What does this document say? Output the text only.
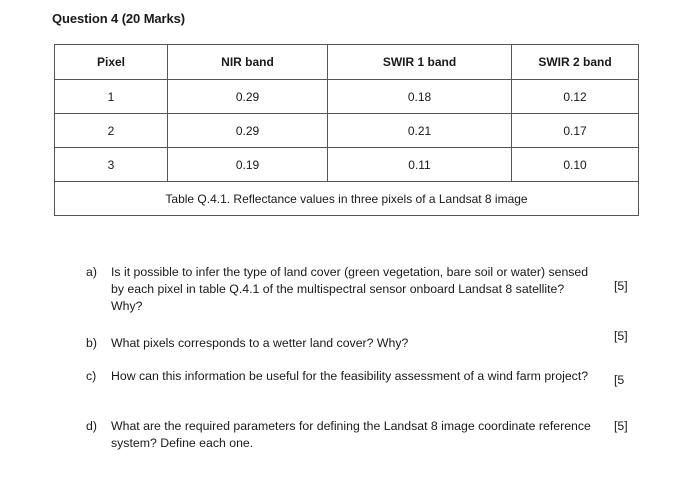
Question 4 (20 Marks)
Pixel	NIR band	SWIR 1 band	SWIR 2 band
1	0.29	0.18	0.12
2	0.29	0.21	0.17
3	0.19	0.11	0.10
Table Q.4.1. Reflectance values in three pixels of a Landsat 8 image			
a) Is it possible to infer the type of land cover (green vegetation, bare soil or water) sensed by each pixel in table Q.4.1 of the multispectral sensor onboard Landsat 8 satellite? Why?
[5]
b) What pixels corresponds to a wetter land cover? Why?	[5]
c) How can this information be useful for the feasibility assessment of a wind farm project?	[5
d) What are the required parameters for defining the Landsat 8 image coordinate reference system? Define each one.
[5]
